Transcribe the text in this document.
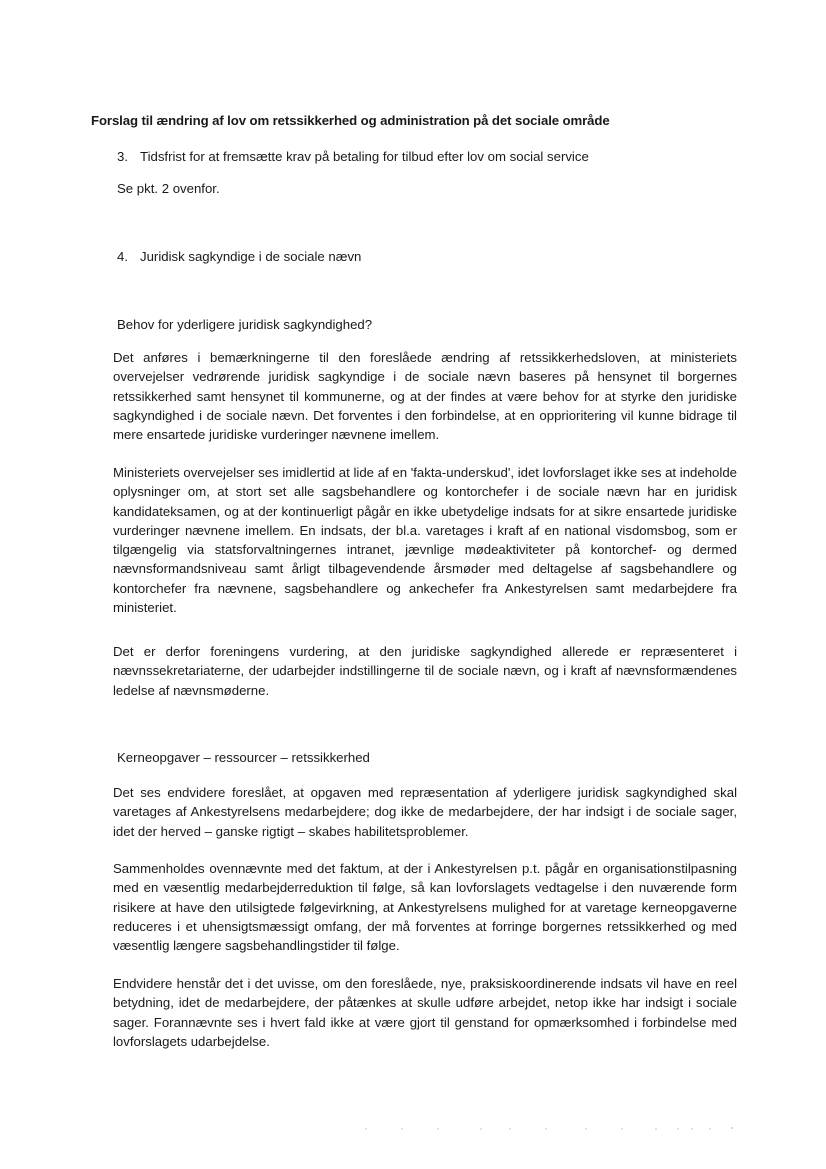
Forslag til ændring af lov om retssikkerhed og administration på det sociale område
3. Tidsfrist for at fremsætte krav på betaling for tilbud efter lov om social service
Se pkt. 2 ovenfor.
4. Juridisk sagkyndige i de sociale nævn
Behov for yderligere juridisk sagkyndighed?

Det anføres i bemærkningerne til den foreslåede ændring af retssikkerhedsloven, at ministeriets overvejelser vedrørende juridisk sagkyndige i de sociale nævn baseres på hensynet til borgernes retssikkerhed samt hensynet til kommunerne, og at der findes at være behov for at styrke den juridiske sagkyndighed i de sociale nævn. Det forventes i den forbindelse, at en opprioritering vil kunne bidrage til mere ensartede juridiske vurderinger nævnene imellem.

Ministeriets overvejelser ses imidlertid at lide af en 'fakta-underskud', idet lovforslaget ikke ses at indeholde oplysninger om, at stort set alle sagsbehandlere og kontorchefer i de sociale nævn har en juridisk kandidateksamen, og at der kontinuerligt pågår en ikke ubetydelige indsats for at sikre ensartede juridiske vurderinger nævnene imellem. En indsats, der bl.a. varetages i kraft af en national visdomsbog, som er tilgængelig via statsforvaltningernes intranet, jævnlige mødeaktiviteter på kontorchef- og dermed nævnsformandsniveau samt årligt tilbagevendende årsmøder med deltagelse af sagsbehandlere og kontorchefer fra nævnene, sagsbehandlere og ankechefer fra Ankestyrelsen samt medarbejdere fra ministeriet.

Det er derfor foreningens vurdering, at den juridiske sagkyndighed allerede er repræsenteret i nævnssekretariaterne, der udarbejder indstillingerne til de sociale nævn, og i kraft af nævnsformændenes ledelse af nævnsmøderne.

Kerneopgaver – ressourcer – retssikkerhed

Det ses endvidere foreslået, at opgaven med repræsentation af yderligere juridisk sagkyndighed skal varetages af Ankestyrelsens medarbejdere; dog ikke de medarbejdere, der har indsigt i de sociale sager, idet der herved – ganske rigtigt – skabes habilitetsproblemer.

Sammenholdes ovennævnte med det faktum, at der i Ankestyrelsen p.t. pågår en organisationstilpasning med en væsentlig medarbejderreduktion til følge, så kan lovforslagets vedtagelse i den nuværende form risikere at have den utilsigtede følgevirkning, at Ankestyrelsens mulighed for at varetage kerneopgaverne reduceres i et uhensigtsmæssigt omfang, der må forventes at forringe borgernes retssikkerhed og med væsentlig længere sagsbehandlingstider til følge.

Endvidere henstår det i det uvisse, om den foreslåede, nye, praksiskoordinerende indsats vil have en reel betydning, idet de medarbejdere, der påtænkes at skulle udføre arbejdet, netop ikke har indsigt i sociale sager. Forannævnte ses i hvert fald ikke at være gjort til genstand for opmærksomhed i forbindelse med lovforslagets udarbejdelse.
